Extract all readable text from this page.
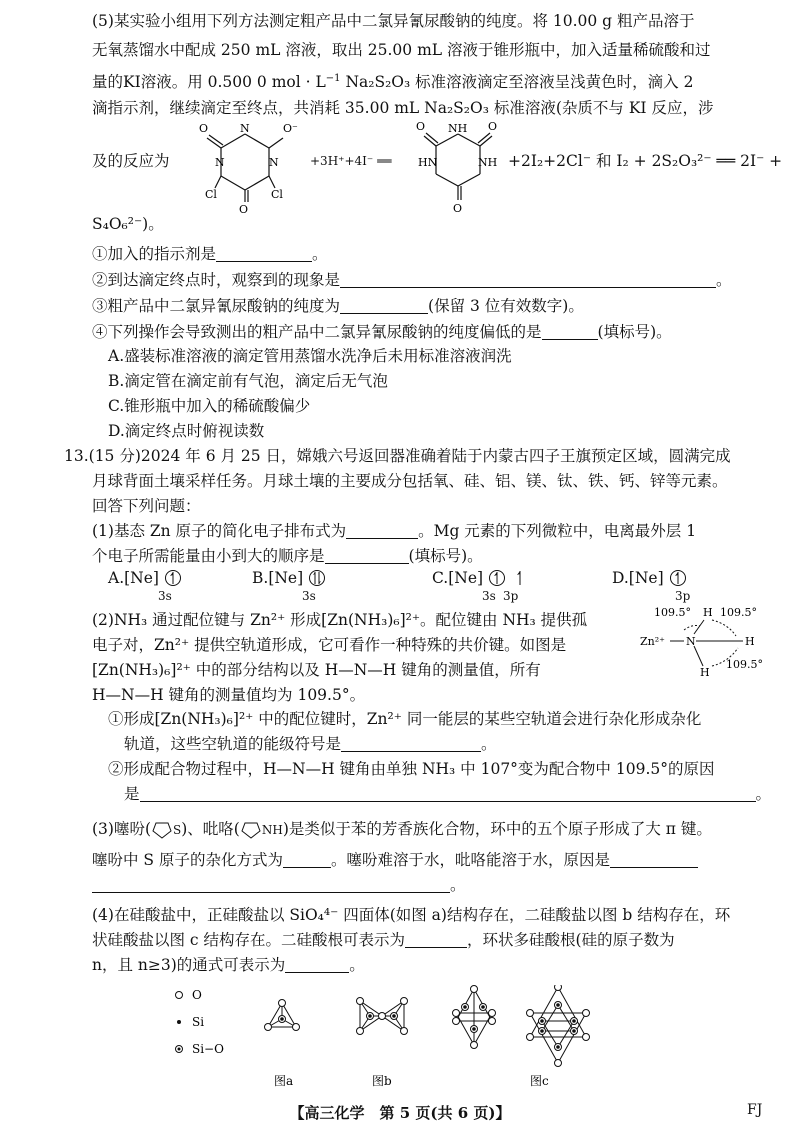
(5)某实验小组用下列方法测定粗产品中二氯异氰尿酸钠的纯度。将 10.00 g 粗产品溶于
无氧蒸馏水中配成 250 mL 溶液，取出 25.00 mL 溶液于锥形瓶中，加入适量稀硫酸和过
量的KI溶液。用 0.500 0 mol · $L^{-1}$ Na₂S₂O₃ 标准溶液滴定至溶液呈浅黄色时，滴入 2
滴指示剂，继续滴定至终点，共消耗 35.00 mL Na₂S₂O₃ 标准溶液(杂质不与 KI 反应，涉
及的反应为
O	O⁻
N
O
N	N
Cl	Cl
+3H⁺+4I⁻ ══
O	O
NH
HN	NH
O
+2I₂+2Cl⁻ 和 I₂ + 2S₂O₃²⁻ ══ 2I⁻ +
S₄O₆²⁻)。
①加入的指示剂是	。
②到达滴定终点时，观察到的现象是	。
③粗产品中二氯异氰尿酸钠的纯度为	(保留 3 位有效数字)。
④下列操作会导致测出的粗产品中二氯异氰尿酸钠的纯度偏低的是	(填标号)。
A.盛装标准溶液的滴定管用蒸馏水洗净后未用标准溶液润洗
B.滴定管在滴定前有气泡，滴定后无气泡
C.锥形瓶中加入的稀硫酸偏少
D.滴定终点时俯视读数
13.(15 分)2024 年 6 月 25 日，嫦娥六号返回器准确着陆于内蒙古四子王旗预定区域，圆满完成
月球背面土壤采样任务。月球土壤的主要成分包括氧、硅、铝、镁、钛、铁、钙、锌等元素。
回答下列问题：
(1)基态 Zn 原子的简化电子排布式为	。Mg 元素的下列微粒中，电离最外层 1
个电子所需能量由小到大的顺序是	(填标号)。
A.[Ne]
3s
B.[Ne]
3s
C.[Ne]
3s 3p
D.[Ne]
3p
(2)NH₃ 通过配位键与 Zn²⁺ 形成[Zn(NH₃)₆]²⁺。配位键由 NH₃ 提供孤
电子对，Zn²⁺ 提供空轨道形成，它可看作一种特殊的共价键。如图是
[Zn(NH₃)₆]²⁺ 中的部分结构以及 H—N—H 键角的测量值，所有
H—N—H 键角的测量值均为 109.5°。
109.5° H 109.5°
Zn²⁺ N	H
H
109.5°
①形成[Zn(NH₃)₆]²⁺ 中的配位键时，Zn²⁺ 同一能层的某些空轨道会进行杂化形成杂化
轨道，这些空轨道的能级符号是	。
②形成配合物过程中，H—N—H 键角由单独 NH₃ 中 107°变为配合物中 109.5°的原因
是	。
(3)噻吩( S)、吡咯( NH)是类似于苯的芳香族化合物，环中的五个原子形成了大 π 键。
噻吩中 S 原子的杂化方式为	。噻吩难溶于水，吡咯能溶于水，原因是
。
(4)在硅酸盐中，正硅酸盐以 SiO₄⁴⁻ 四面体(如图 a)结构存在，二硅酸盐以图 b 结构存在，环
状硅酸盐以图 c 结构存在。二硅酸根可表示为	，环状多硅酸根(硅的原子数为
n，且 n≥3)的通式可表示为	。
O
Si
Si−O
图a	图b	图c
【高三化学　第 5 页(共 6 页)】	FJ
